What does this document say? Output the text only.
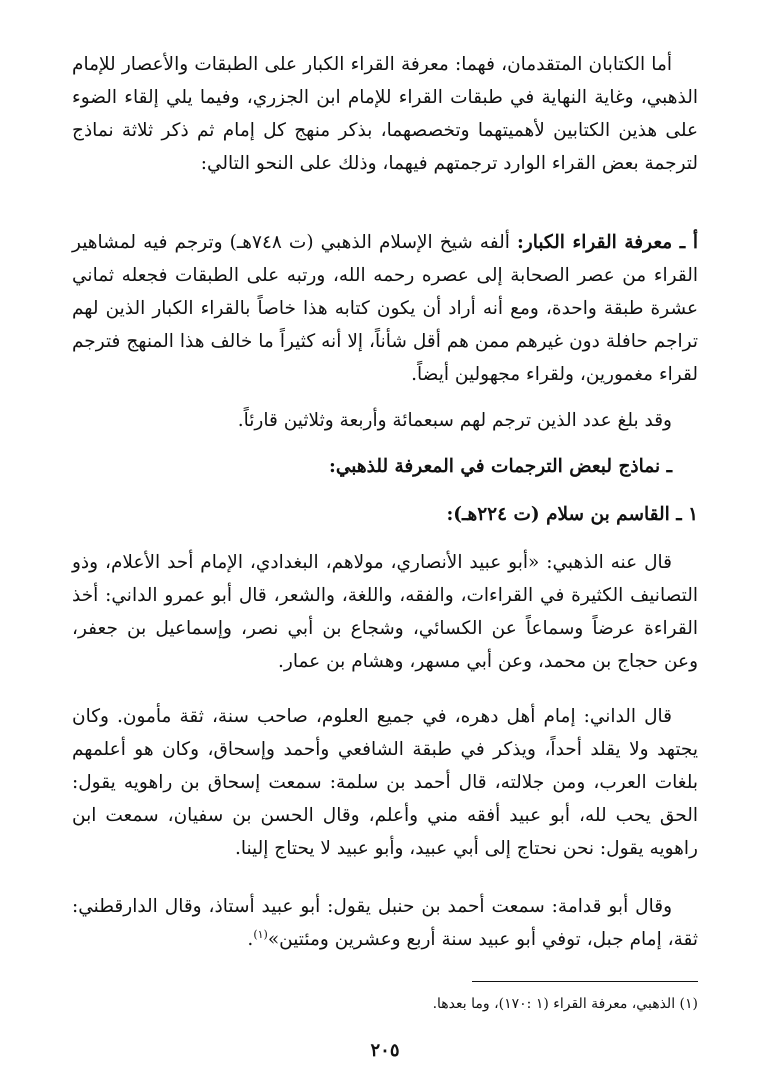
أما الكتابان المتقدمان، فهما: معرفة القراء الكبار على الطبقات والأعصار للإمام الذهبي، وغاية النهاية في طبقات القراء للإمام ابن الجزري، وفيما يلي إلقاء الضوء على هذين الكتابين لأهميتهما وتخصصهما، بذكر منهج كل إمام ثم ذكر ثلاثة نماذج لترجمة بعض القراء الوارد ترجمتهم فيهما، وذلك على النحو التالي:

أ ـ معرفة القراء الكبار: ألفه شيخ الإسلام الذهبي (ت ٧٤٨هـ) وترجم فيه لمشاهير القراء من عصر الصحابة إلى عصره رحمه الله، ورتبه على الطبقات فجعله ثماني عشرة طبقة واحدة، ومع أنه أراد أن يكون كتابه هذا خاصاً بالقراء الكبار الذين لهم تراجم حافلة دون غيرهم ممن هم أقل شأناً، إلا أنه كثيراً ما خالف هذا المنهج فترجم لقراء مغمورين، ولقراء مجهولين أيضاً.

وقد بلغ عدد الذين ترجم لهم سبعمائة وأربعة وثلاثين قارئاً.

ـ نماذج لبعض الترجمات في المعرفة للذهبي:

١ ـ القاسم بن سلام (ت ٢٢٤هـ):

قال عنه الذهبي: «أبو عبيد الأنصاري، مولاهم، البغدادي، الإمام أحد الأعلام، وذو التصانيف الكثيرة في القراءات، والفقه، واللغة، والشعر، قال أبو عمرو الداني: أخذ القراءة عرضاً وسماعاً عن الكسائي، وشجاع بن أبي نصر، وإسماعيل بن جعفر، وعن حجاج بن محمد، وعن أبي مسهر، وهشام بن عمار.

قال الداني: إمام أهل دهره، في جميع العلوم، صاحب سنة، ثقة مأمون. وكان يجتهد ولا يقلد أحداً، ويذكر في طبقة الشافعي وأحمد وإسحاق، وكان هو أعلمهم بلغات العرب، ومن جلالته، قال أحمد بن سلمة: سمعت إسحاق بن راهويه يقول: الحق يحب لله، أبو عبيد أفقه مني وأعلم، وقال الحسن بن سفيان، سمعت ابن راهويه يقول: نحن نحتاج إلى أبي عبيد، وأبو عبيد لا يحتاج إلينا.

وقال أبو قدامة: سمعت أحمد بن حنبل يقول: أبو عبيد أستاذ، وقال الدارقطني: ثقة، إمام جبل، توفي أبو عبيد سنة أربع وعشرين ومئتين»$^{(١)}$.

(١) الذهبي، معرفة القراء (١ :١٧٠)، وما بعدها.

٢٠٥
